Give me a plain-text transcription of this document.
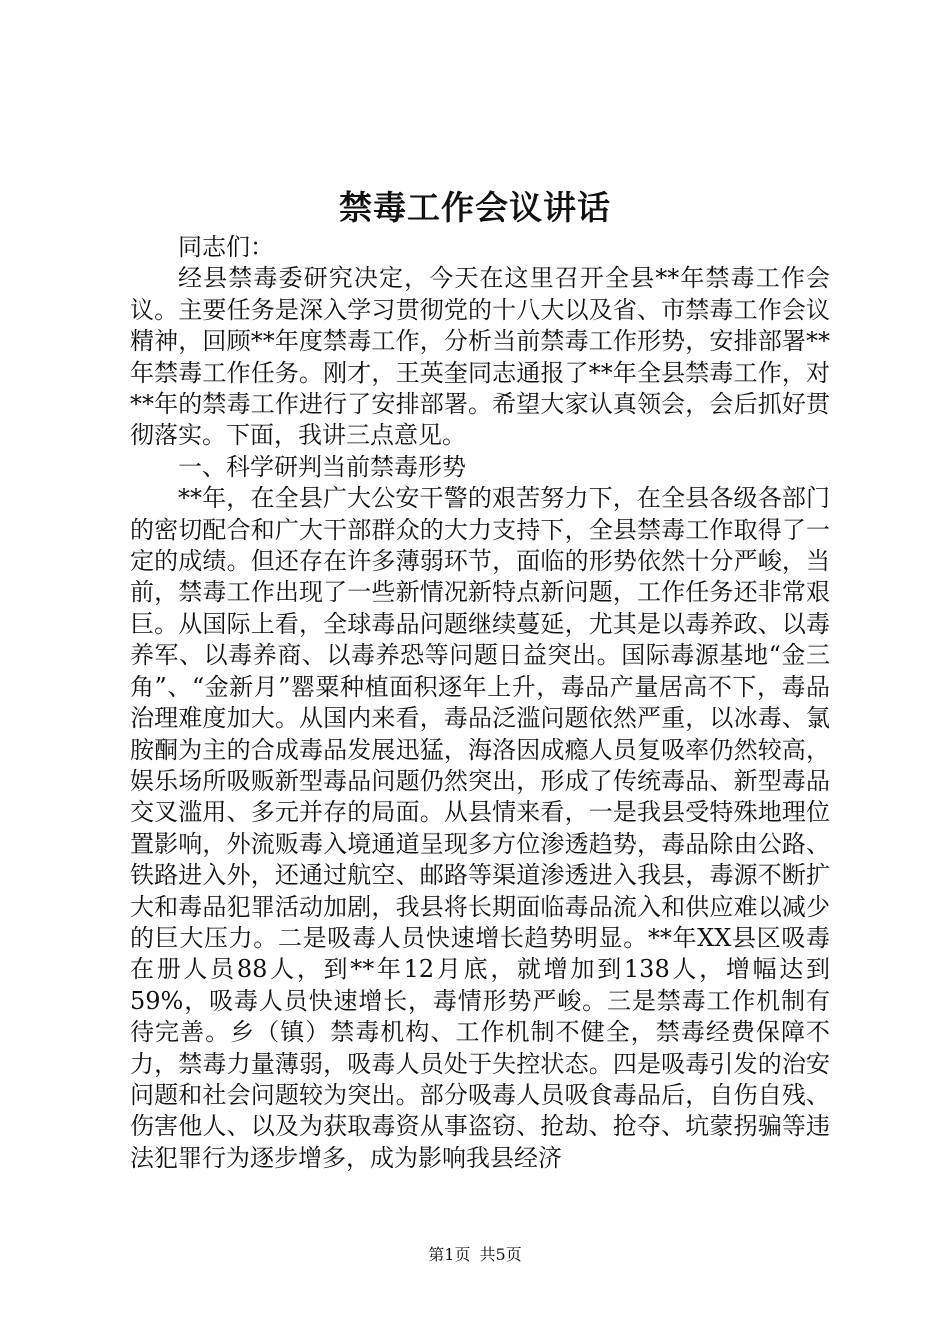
禁毒工作会议讲话

同志们：

经县禁毒委研究决定，今天在这里召开全县**年禁毒工作会议。主要任务是深入学习贯彻党的十八大以及省、市禁毒工作会议精神，回顾**年度禁毒工作，分析当前禁毒工作形势，安排部署**年禁毒工作任务。刚才，王英奎同志通报了**年全县禁毒工作，对**年的禁毒工作进行了安排部署。希望大家认真领会，会后抓好贯彻落实。下面，我讲三点意见。

一、科学研判当前禁毒形势

**年，在全县广大公安干警的艰苦努力下，在全县各级各部门的密切配合和广大干部群众的大力支持下，全县禁毒工作取得了一定的成绩。但还存在许多薄弱环节，面临的形势依然十分严峻，当前，禁毒工作出现了一些新情况新特点新问题，工作任务还非常艰巨。从国际上看，全球毒品问题继续蔓延，尤其是以毒养政、以毒养军、以毒养商、以毒养恐等问题日益突出。国际毒源基地“金三角”、“金新月”罂粟种植面积逐年上升，毒品产量居高不下，毒品治理难度加大。从国内来看，毒品泛滥问题依然严重，以冰毒、氯胺酮为主的合成毒品发展迅猛，海洛因成瘾人员复吸率仍然较高，娱乐场所吸贩新型毒品问题仍然突出，形成了传统毒品、新型毒品交叉滥用、多元并存的局面。从县情来看，一是我县受特殊地理位置影响，外流贩毒入境通道呈现多方位渗透趋势，毒品除由公路、铁路进入外，还通过航空、邮路等渠道渗透进入我县，毒源不断扩大和毒品犯罪活动加剧，我县将长期面临毒品流入和供应难以减少的巨大压力。二是吸毒人员快速增长趋势明显。**年XX县区吸毒在册人员88人，到**年12月底，就增加到138人，增幅达到59%，吸毒人员快速增长，毒情形势严峻。三是禁毒工作机制有待完善。乡（镇）禁毒机构、工作机制不健全，禁毒经费保障不力，禁毒力量薄弱，吸毒人员处于失控状态。四是吸毒引发的治安问题和社会问题较为突出。部分吸毒人员吸食毒品后，自伤自残、伤害他人、以及为获取毒资从事盗窃、抢劫、抢夺、坑蒙拐骗等违法犯罪行为逐步增多，成为影响我县经济

第1页 共5页
